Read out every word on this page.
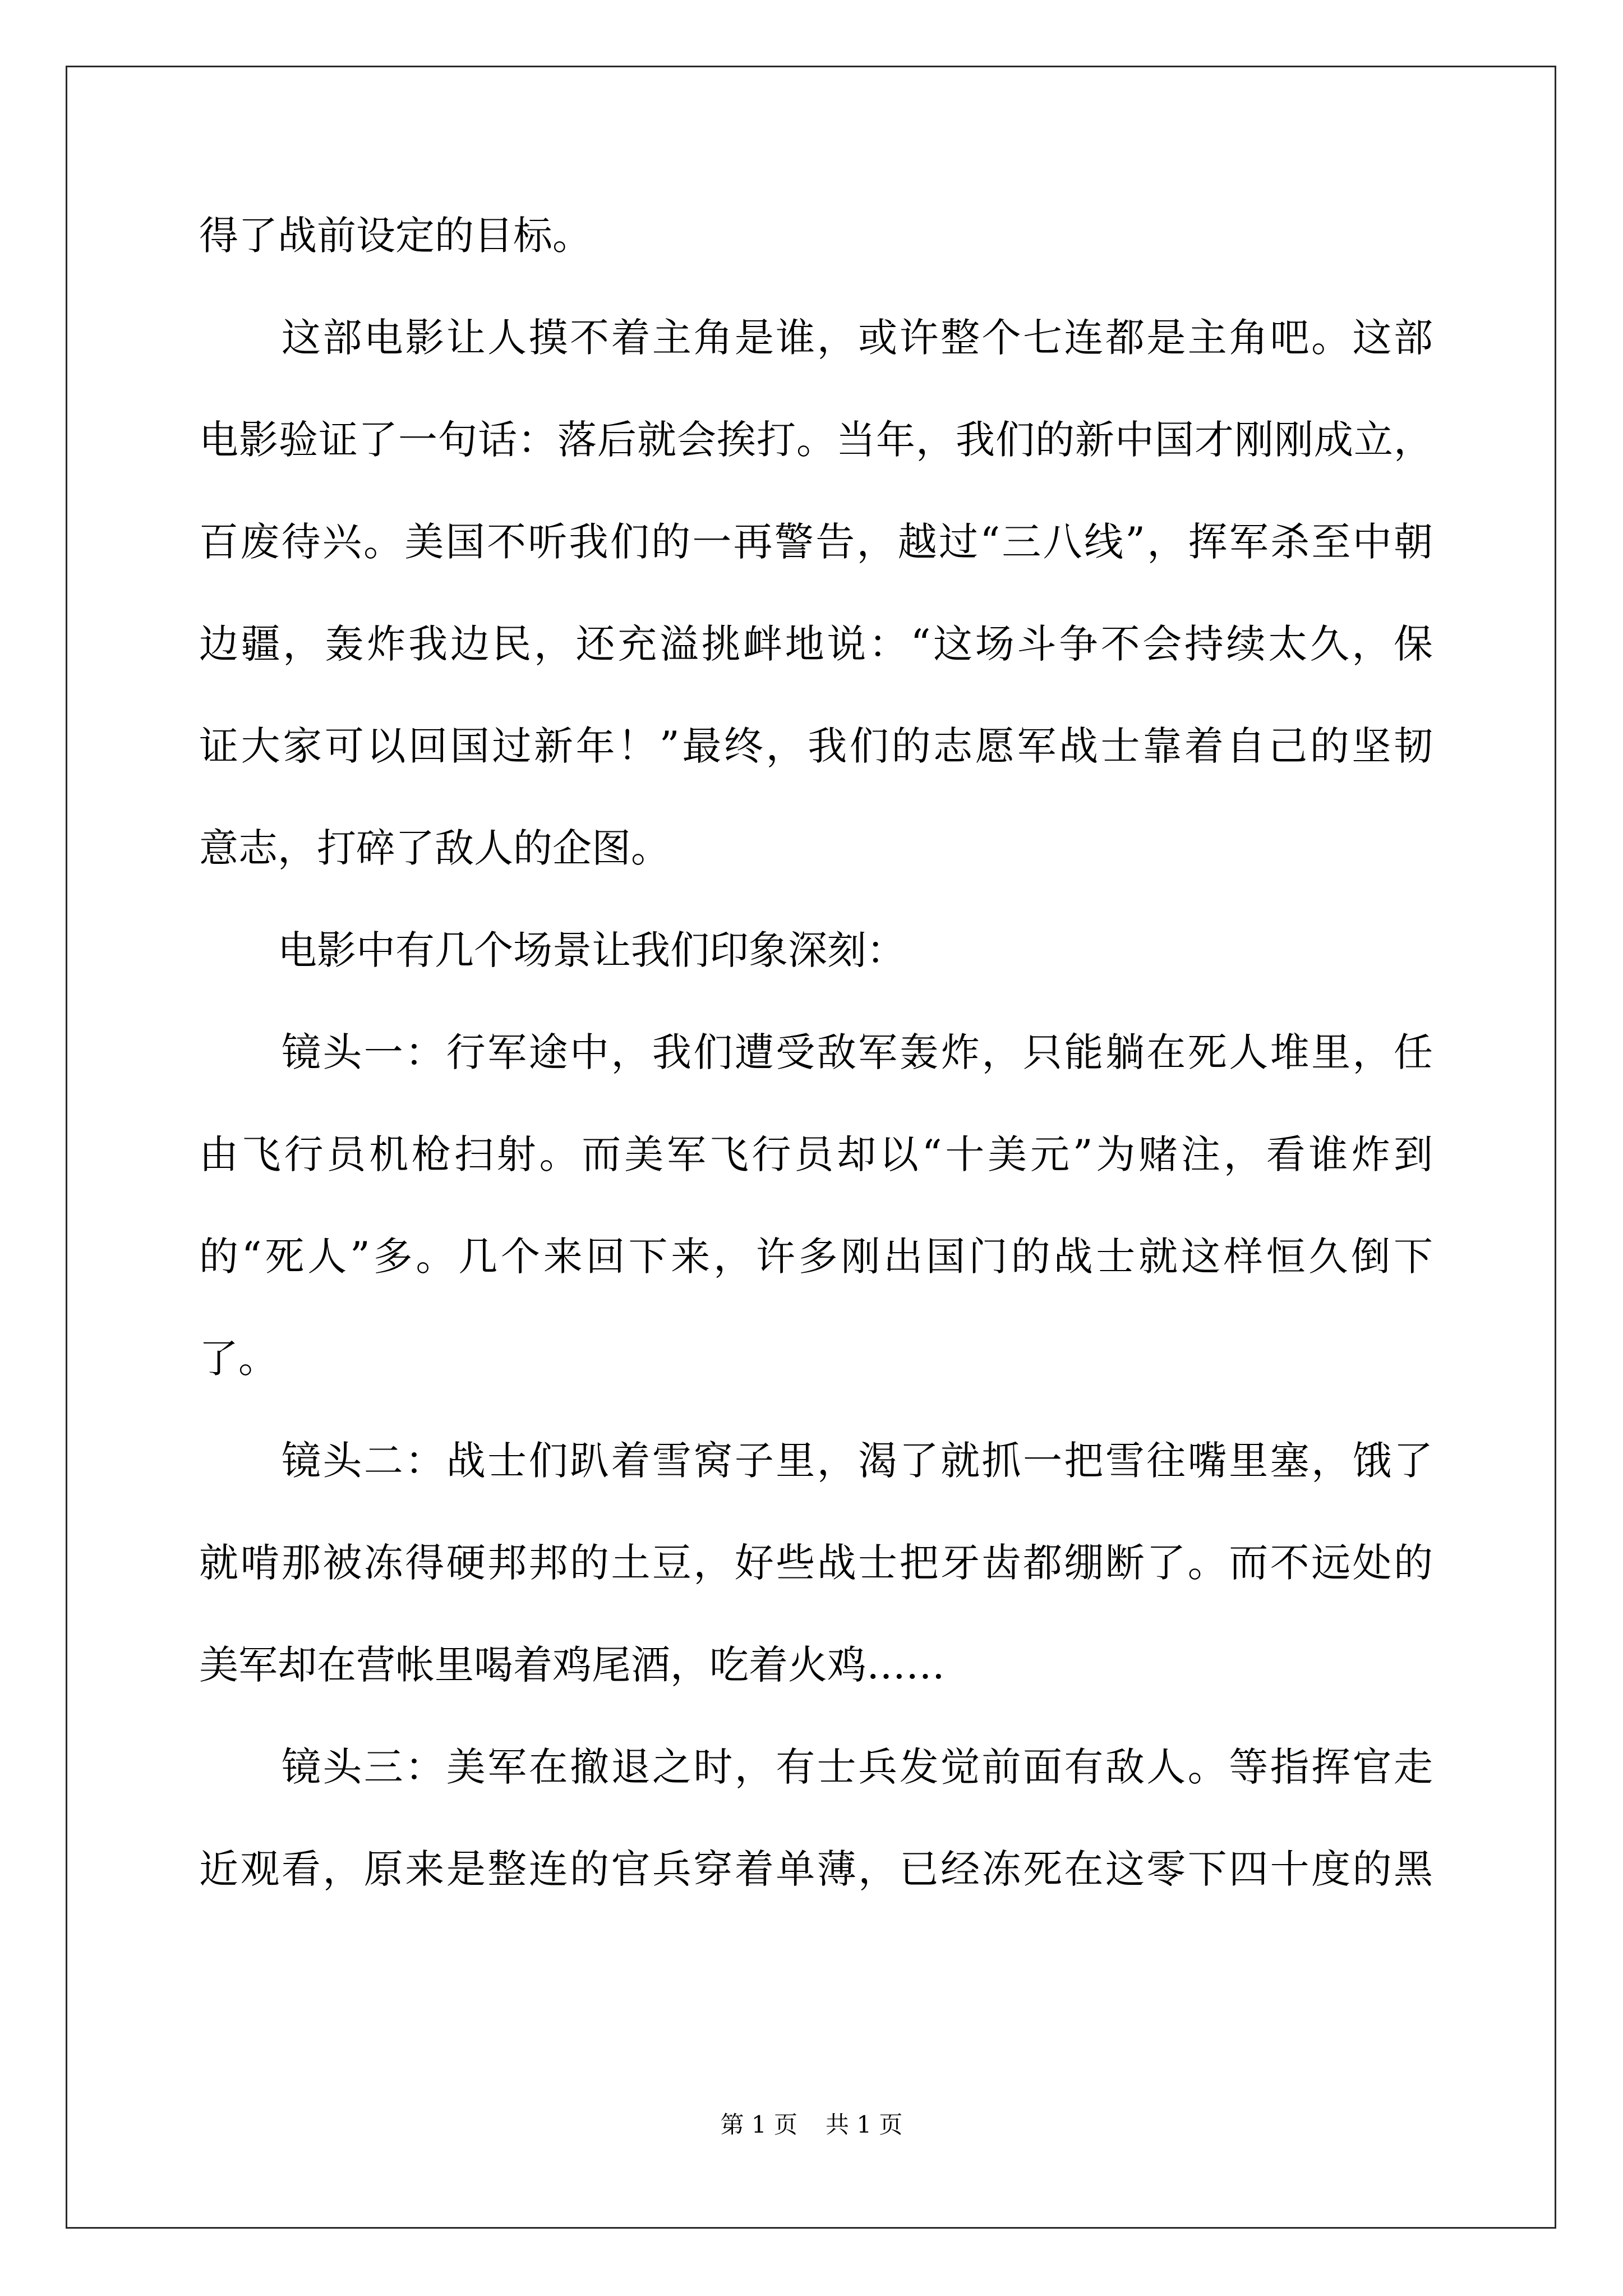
得了战前设定的目标。
　　这部电影让人摸不着主角是谁，或许整个七连都是主角吧。这部
电影验证了一句话：落后就会挨打。当年，我们的新中国才刚刚成立，
百废待兴。美国不听我们的一再警告，越过“三八线”，挥军杀至中朝
边疆，轰炸我边民，还充溢挑衅地说：“这场斗争不会持续太久，保
证大家可以回国过新年！”最终，我们的志愿军战士靠着自己的坚韧
意志，打碎了敌人的企图。
　　电影中有几个场景让我们印象深刻：
　　镜头一：行军途中，我们遭受敌军轰炸，只能躺在死人堆里，任
由飞行员机枪扫射。而美军飞行员却以“十美元”为赌注，看谁炸到
的“死人”多。几个来回下来，许多刚出国门的战士就这样恒久倒下
了。
　　镜头二：战士们趴着雪窝子里，渴了就抓一把雪往嘴里塞，饿了
就啃那被冻得硬邦邦的土豆，好些战士把牙齿都绷断了。而不远处的
美军却在营帐里喝着鸡尾酒，吃着火鸡……
　　镜头三：美军在撤退之时，有士兵发觉前面有敌人。等指挥官走
近观看，原来是整连的官兵穿着单薄，已经冻死在这零下四十度的黑
第 1 页 共 1 页
